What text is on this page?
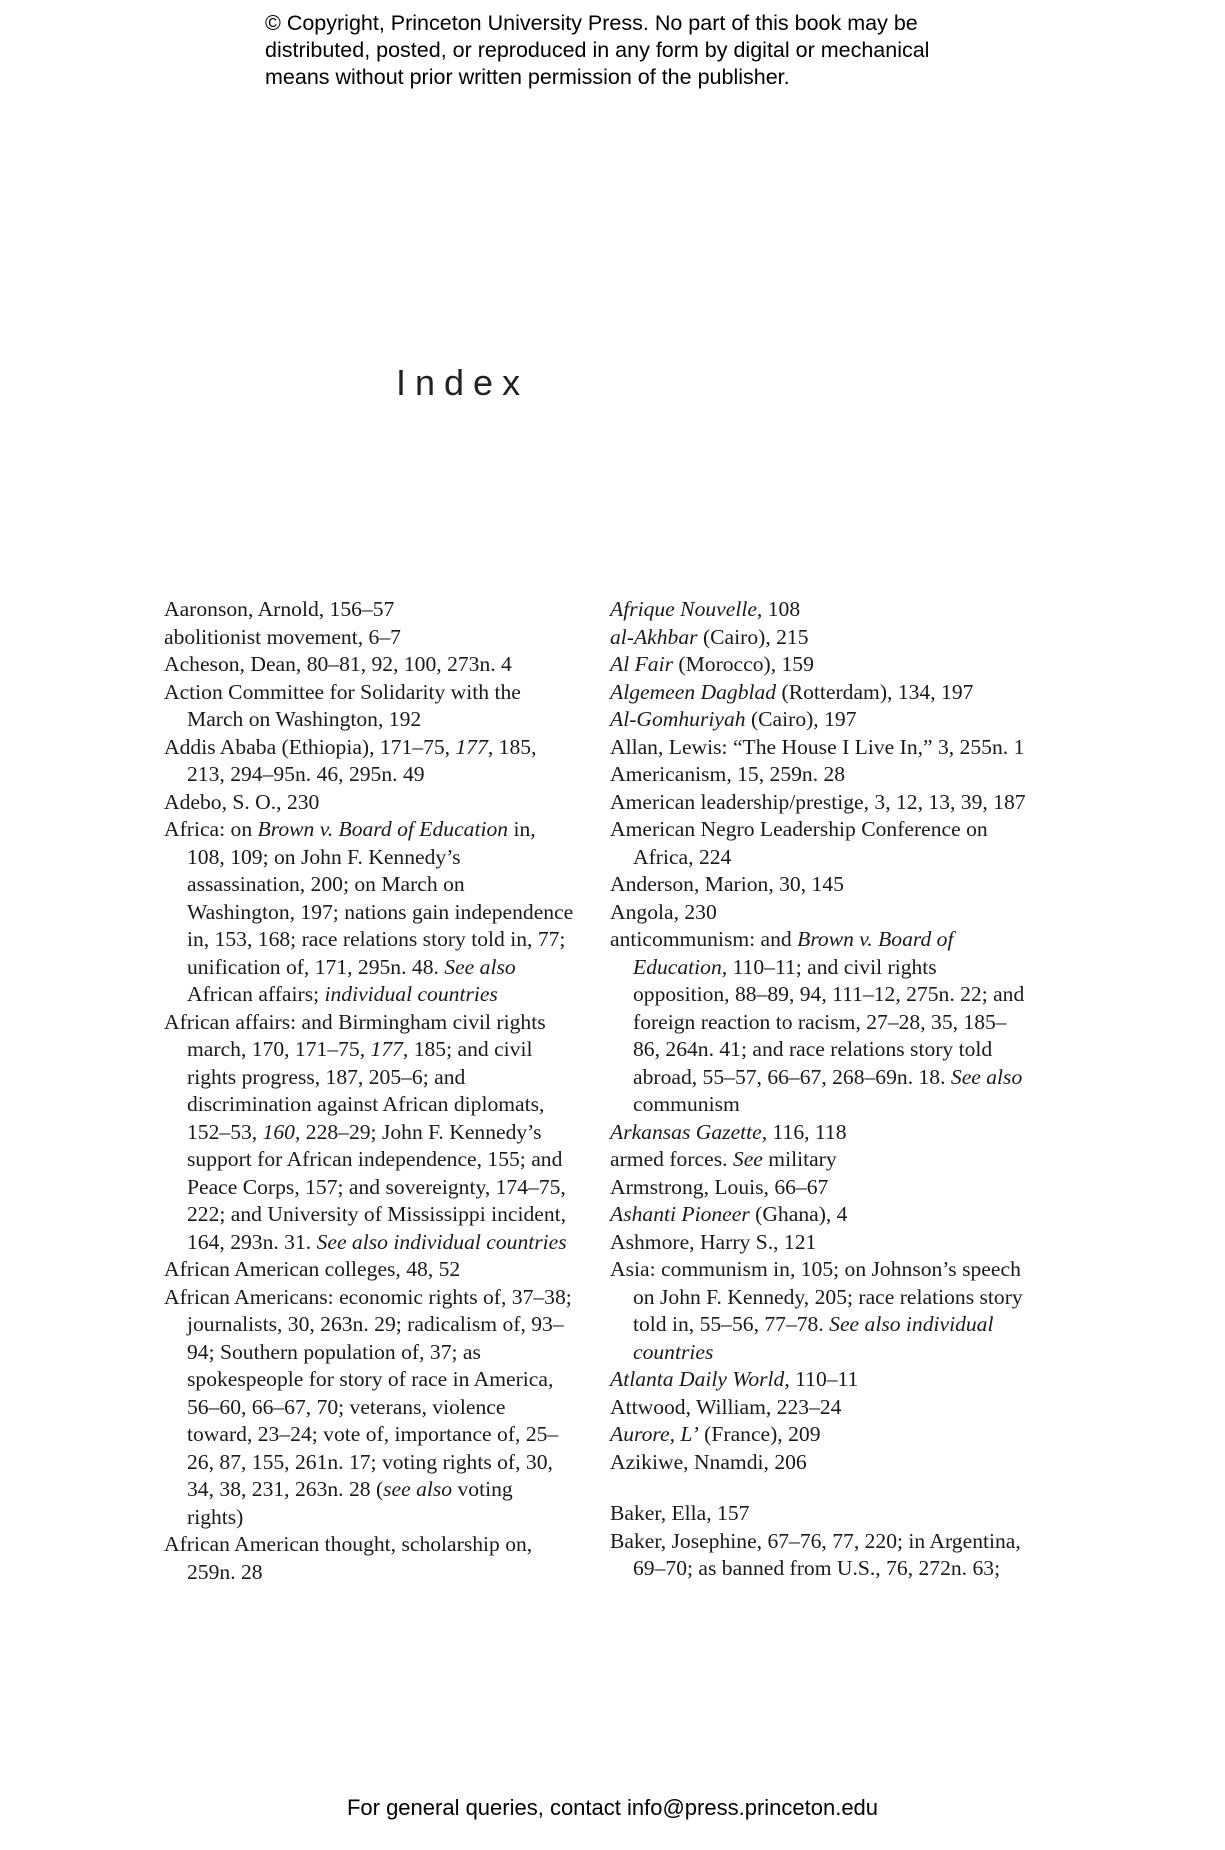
© Copyright, Princeton University Press. No part of this book may be
distributed, posted, or reproduced in any form by digital or mechanical
means without prior written permission of the publisher.
Index
Aaronson, Arnold, 156–57
abolitionist movement, 6–7
Acheson, Dean, 80–81, 92, 100, 273n. 4
Action Committee for Solidarity with the March on Washington, 192
Addis Ababa (Ethiopia), 171–75, 177, 185, 213, 294–95n. 46, 295n. 49
Adebo, S. O., 230
Africa: on Brown v. Board of Education in, 108, 109; on John F. Kennedy’s assassination, 200; on March on Washington, 197; nations gain independence in, 153, 168; race relations story told in, 77; unification of, 171, 295n. 48. See also African affairs; individual countries
African affairs: and Birmingham civil rights march, 170, 171–75, 177, 185; and civil rights progress, 187, 205–6; and discrimination against African diplomats, 152–53, 160, 228–29; John F. Kennedy’s support for African independence, 155; and Peace Corps, 157; and sovereignty, 174–75, 222; and University of Mississippi incident, 164, 293n. 31. See also individual countries
African American colleges, 48, 52
African Americans: economic rights of, 37–38; journalists, 30, 263n. 29; radicalism of, 93–94; Southern population of, 37; as spokespeople for story of race in America, 56–60, 66–67, 70; veterans, violence toward, 23–24; vote of, importance of, 25–26, 87, 155, 261n. 17; voting rights of, 30, 34, 38, 231, 263n. 28 (see also voting rights)
African American thought, scholarship on, 259n. 28
Afrique Nouvelle, 108
al-Akhbar (Cairo), 215
Al Fair (Morocco), 159
Algemeen Dagblad (Rotterdam), 134, 197
Al-Gomhuriyah (Cairo), 197
Allan, Lewis: “The House I Live In,” 3, 255n. 1
Americanism, 15, 259n. 28
American leadership/prestige, 3, 12, 13, 39, 187
American Negro Leadership Conference on Africa, 224
Anderson, Marion, 30, 145
Angola, 230
anticommunism: and Brown v. Board of Education, 110–11; and civil rights opposition, 88–89, 94, 111–12, 275n. 22; and foreign reaction to racism, 27–28, 35, 185–86, 264n. 41; and race relations story told abroad, 55–57, 66–67, 268–69n. 18. See also communism
Arkansas Gazette, 116, 118
armed forces. See military
Armstrong, Louis, 66–67
Ashanti Pioneer (Ghana), 4
Ashmore, Harry S., 121
Asia: communism in, 105; on Johnson’s speech on John F. Kennedy, 205; race relations story told in, 55–56, 77–78. See also individual countries
Atlanta Daily World, 110–11
Attwood, William, 223–24
Aurore, L’ (France), 209
Azikiwe, Nnamdi, 206
Baker, Ella, 157
Baker, Josephine, 67–76, 77, 220; in Argentina, 69–70; as banned from U.S., 76, 272n. 63;
For general queries, contact info@press.princeton.edu
